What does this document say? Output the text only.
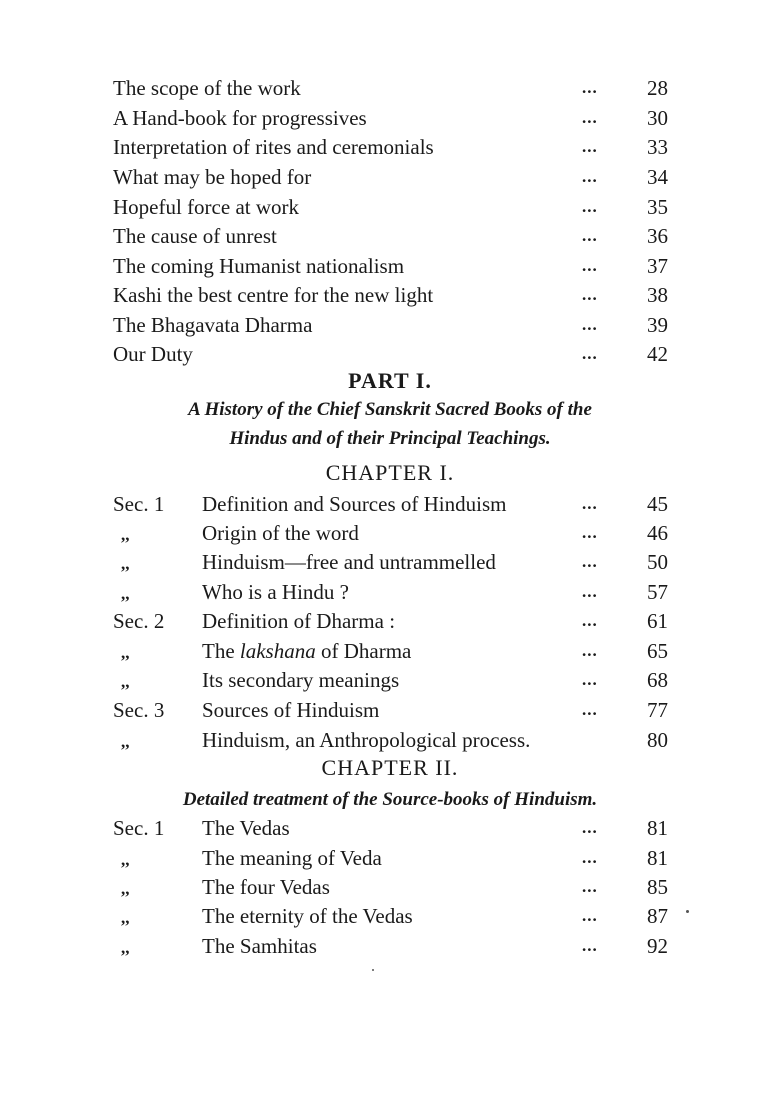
The scope of the work	... 28
A Hand-book for progressives	... 30
Interpretation of rites and ceremonials	... 33
What may be hoped for	... 34
Hopeful force at work	... 35
The cause of unrest	... 36
The coming Humanist nationalism	... 37
Kashi the best centre for the new light	... 38
The Bhagavata Dharma	... 39
Our Duty	... 42
PART I.
A History of the Chief Sanskrit Sacred Books of the
Hindus and of their Principal Teachings.
CHAPTER I.
Sec. 1 Definition and Sources of Hinduism	... 45
,,	Origin of the word	... 46
,,	Hinduism—free and untrammelled	... 50
,,	Who is a Hindu ?	... 57
Sec. 2 Definition of Dharma :	... 61
,,	The lakshana of Dharma	... 65
,,	Its secondary meanings	... 68
Sec. 3 Sources of Hinduism	... 77
,,	Hinduism, an Anthropological process.	80
CHAPTER II.
Detailed treatment of the Source-books of Hinduism.
Sec. 1 The Vedas	... 81
,,	The meaning of Veda	... 81
,,	The four Vedas	... 85
,,	The eternity of the Vedas	... 87
,,	The Samhitas	... 92
